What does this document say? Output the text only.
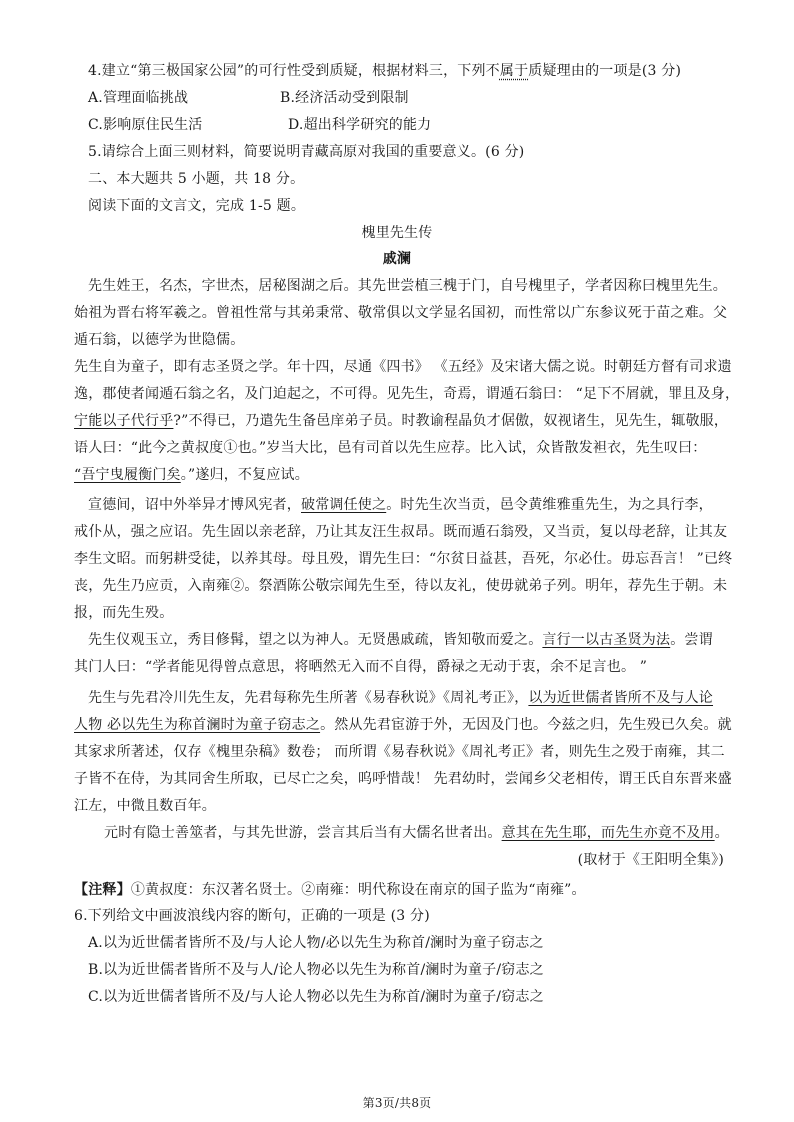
4.建立“第三极国家公园”的可行性受到质疑，根据材料三，下列不属于质疑理由的一项是(3 分)
A.管理面临挑战	B.经济活动受到限制
C.影响原住民生活	D.超出科学研究的能力
5.请综合上面三则材料，简要说明青藏高原对我国的重要意义。(6 分)
二、本大题共 5 小题，共 18 分。
阅读下面的文言文，完成 1-5 题。
槐里先生传
戚澜
先生姓王，名杰，字世杰，居秘图湖之后。其先世尝植三槐于门，自号槐里子，学者因称曰槐里先生。
始祖为晋右将军羲之。曾祖性常与其弟秉常、敬常俱以文学显名国初，而性常以广东参议死于苗之难。父
遁石翁，以德学为世隐儒。
先生自为童子，即有志圣贤之学。年十四，尽通《四书》 《五经》及宋诸大儒之说。时朝廷方督有司求遗
逸，郡使者闻遁石翁之名，及门迫起之，不可得。见先生，奇焉，谓遁石翁曰： “足下不屑就，罪且及身，
宁能以子代行乎?”不得已，乃遣先生备邑庠弟子员。时教谕程晶负才倨傲，奴视诸生，见先生，辄敬服，
语人曰：“此今之黄叔度①也。”岁当大比，邑有司首以先生应荐。比入试，众皆散发袒衣，先生叹曰：
“吾宁曳履衡门矣。”遂归，不复应试。
宣德间，诏中外举异才博风宪者，破常调任使之。时先生次当贡，邑令黄维雅重先生，为之具行李，
戒仆从，强之应诏。先生固以亲老辞，乃让其友汪生叔昂。既而遁石翁殁，又当贡，复以母老辞，让其友
李生文昭。而躬耕受徒，以养其母。母且殁，谓先生曰：“尔贫日益甚，吾死，尔必仕。毋忘吾言！ ”已终
丧，先生乃应贡，入南雍②。祭酒陈公敬宗闻先生至，待以友礼，使毋就弟子列。明年，荐先生于朝。未
报，而先生殁。
先生仪观玉立，秀目修髯，望之以为神人。无贤愚戚疏，皆知敬而爱之。言行一以古圣贤为法。尝谓
其门人曰：“学者能见得曾点意思，将晒然无入而不自得，爵禄之无动于衷，余不足言也。 ”
先生与先君冷川先生友，先君每称先生所著《易春秋说》《周礼考正》，以为近世儒者皆所不及与人论
人物 必以先生为称首澜时为童子窃志之。然从先君宦游于外，无因及门也。今兹之归，先生殁已久矣。就
其家求所著述，仅存《槐里杂稿》数卷； 而所谓《易春秋说》《周礼考正》者，则先生之殁于南雍，其二
子皆不在侍，为其同舍生所取，已尽亡之矣，呜呼惜哉！ 先君幼时，尝闻乡父老相传，谓王氏自东晋来盛
江左，中微且数百年。
元时有隐士善筮者，与其先世游，尝言其后当有大儒名世者出。意其在先生耶，而先生亦竟不及用。
(取材于《王阳明全集》)
【注释】①黄叔度：东汉著名贤士。②南雍：明代称设在南京的国子监为“南雍”。
6.下列给文中画波浪线内容的断句，正确的一项是 (3 分)
A.以为近世儒者皆所不及/与人论人物/必以先生为称首/澜时为童子窃志之
B.以为近世儒者皆所不及与人/论人物必以先生为称首/澜时为童子/窃志之
C.以为近世儒者皆所不及/与人论人物必以先生为称首/澜时为童子/窃志之
第3页/共8页
